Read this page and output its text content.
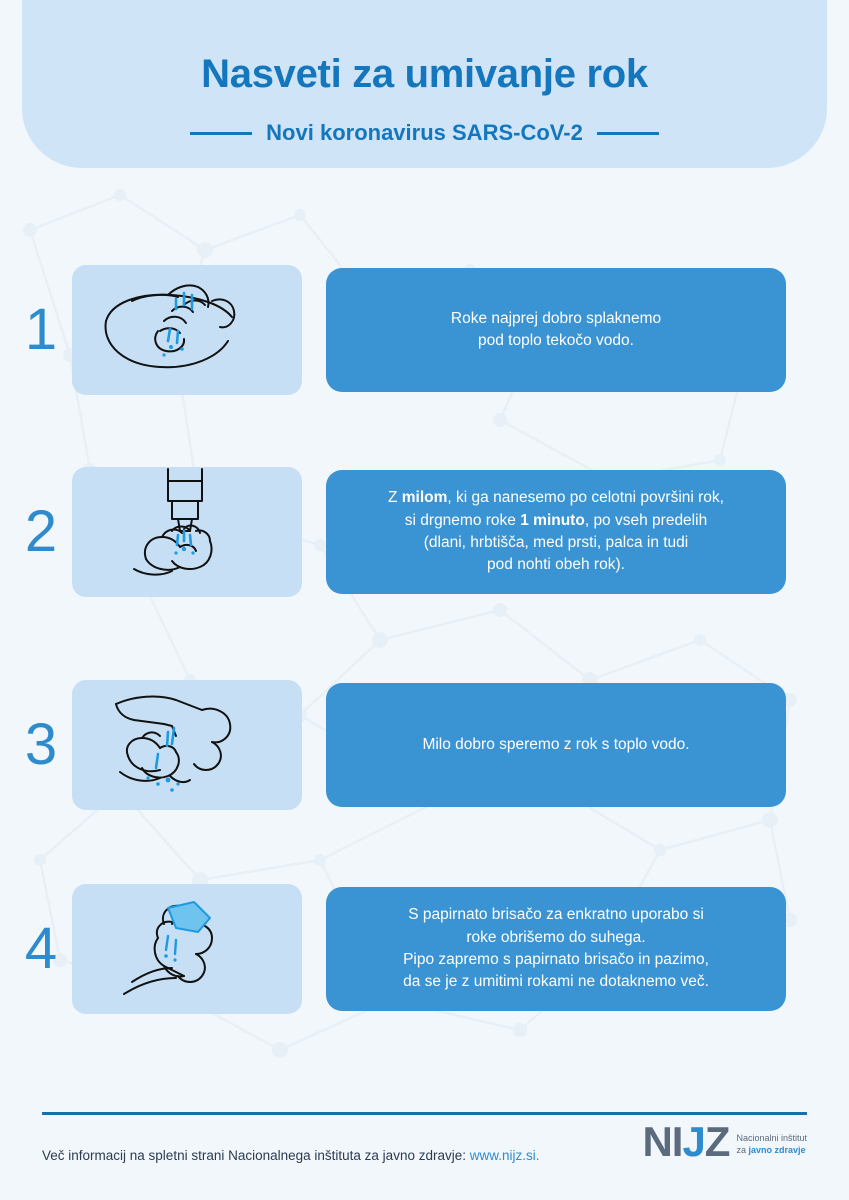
Nasveti za umivanje rok
Novi koronavirus SARS-CoV-2
1	Roke najprej dobro splaknemo
pod toplo tekočo vodo.
2
Z milom, ki ga nanesemo po celotni površini rok,
si drgnemo roke 1 minuto, po vseh predelih
(dlani, hrbtišča, med prsti, palca in tudi
pod nohti obeh rok).
3	Milo dobro speremo z rok s toplo vodo.
4
S papirnato brisačo za enkratno uporabo si
roke obrišemo do suhega.
Pipo zapremo s papirnato brisačo in pazimo,
da se je z umitimi rokami ne dotaknemo več.
Več informacij na spletni strani Nacionalnega inštituta za javno zdravje: www.nijz.si. NIJZ Nacionalni inštitut
za javno zdravje
